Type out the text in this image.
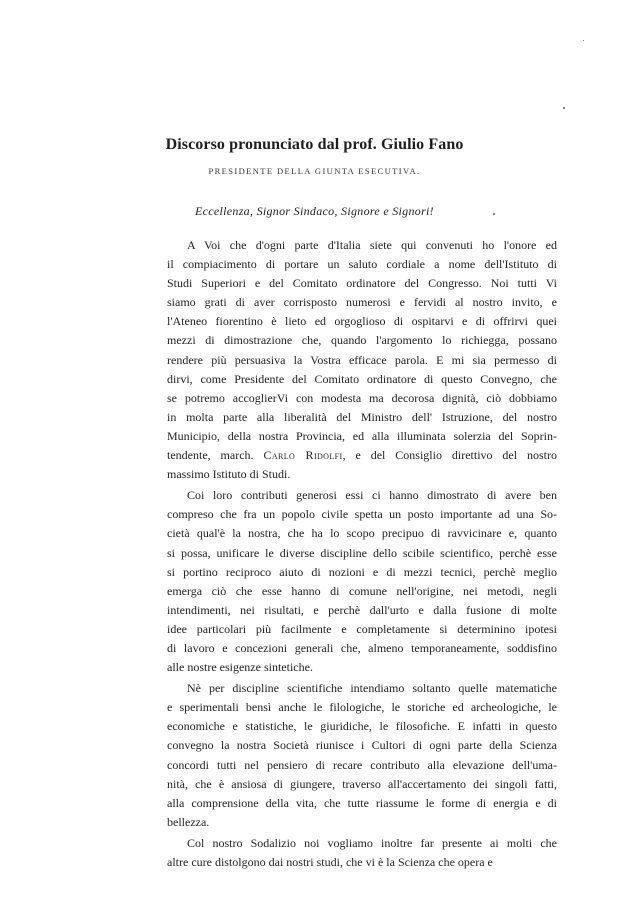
Discorso pronunciato dal prof. Giulio Fano
PRESIDENTE DELLA GIUNTA ESECUTIVA.
Eccellenza, Signor Sindaco, Signore e Signori!
A Voi che d'ogni parte d'Italia siete qui convenuti ho l'onore ed
il compiacimento di portare un saluto cordiale a nome dell'Istituto di
Studi Superiori e del Comitato ordinatore del Congresso. Noi tutti Vi
siamo grati di aver corrisposto numerosi e fervidi al nostro invito, e
l'Ateneo fiorentino è lieto ed orgoglioso di ospitarvi e di offrirvi quei
mezzi di dimostrazione che, quando l'argomento lo richiegga, possano
rendere più persuasiva la Vostra efficace parola. E mi sia permesso di
dirvi, come Presidente del Comitato ordinatore di questo Convegno, che
se potremo accoglierVi con modesta ma decorosa dignità, ciò dobbiamo
in molta parte alla liberalità del Ministro dell' Istruzione, del nostro
Municipio, della nostra Provincia, ed alla illuminata solerzia del Soprin-
tendente, march. Carlo Ridolfi, e del Consiglio direttivo del nostro
massimo Istituto di Studi.
Coi loro contributi generosi essi ci hanno dimostrato di avere ben
compreso che fra un popolo civile spetta un posto importante ad una So-
cietà qual'è la nostra, che ha lo scopo precipuo di ravvicinare e, quanto
si possa, unificare le diverse discipline dello scibile scientifico, perchè esse
si portino reciproco aiuto di nozioni e di mezzi tecnici, perchè meglio
emerga ciò che esse hanno di comune nell'origine, nei metodi, negli
intendimenti, nei risultati, e perchè dall'urto e dalla fusione di molte
idee particolari più facilmente e completamente si determinino ipotesi
di lavoro e concezioni generali che, almeno temporaneamente, soddisfino
alle nostre esigenze sintetiche.
Nè per discipline scientifiche intendiamo soltanto quelle matematiche
e sperimentali bensì anche le filologiche, le storiche ed archeologiche, le
economiche e statistiche, le giuridiche, le filosofiche. E infatti in questo
convegno la nostra Società riunisce i Cultori di ogni parte della Scienza
concordi tutti nel pensiero di recare contributo alla elevazione dell'uma-
nità, che è ansiosa di giungere, traverso all'accertamento dei singoli fatti,
alla comprensione della vita, che tutte riassume le forme di energia e di
bellezza.
Col nostro Sodalizio noi vogliamo inoltre far presente ai molti che
altre cure distolgono dai nostri studi, che vi è la Scienza che opera e
